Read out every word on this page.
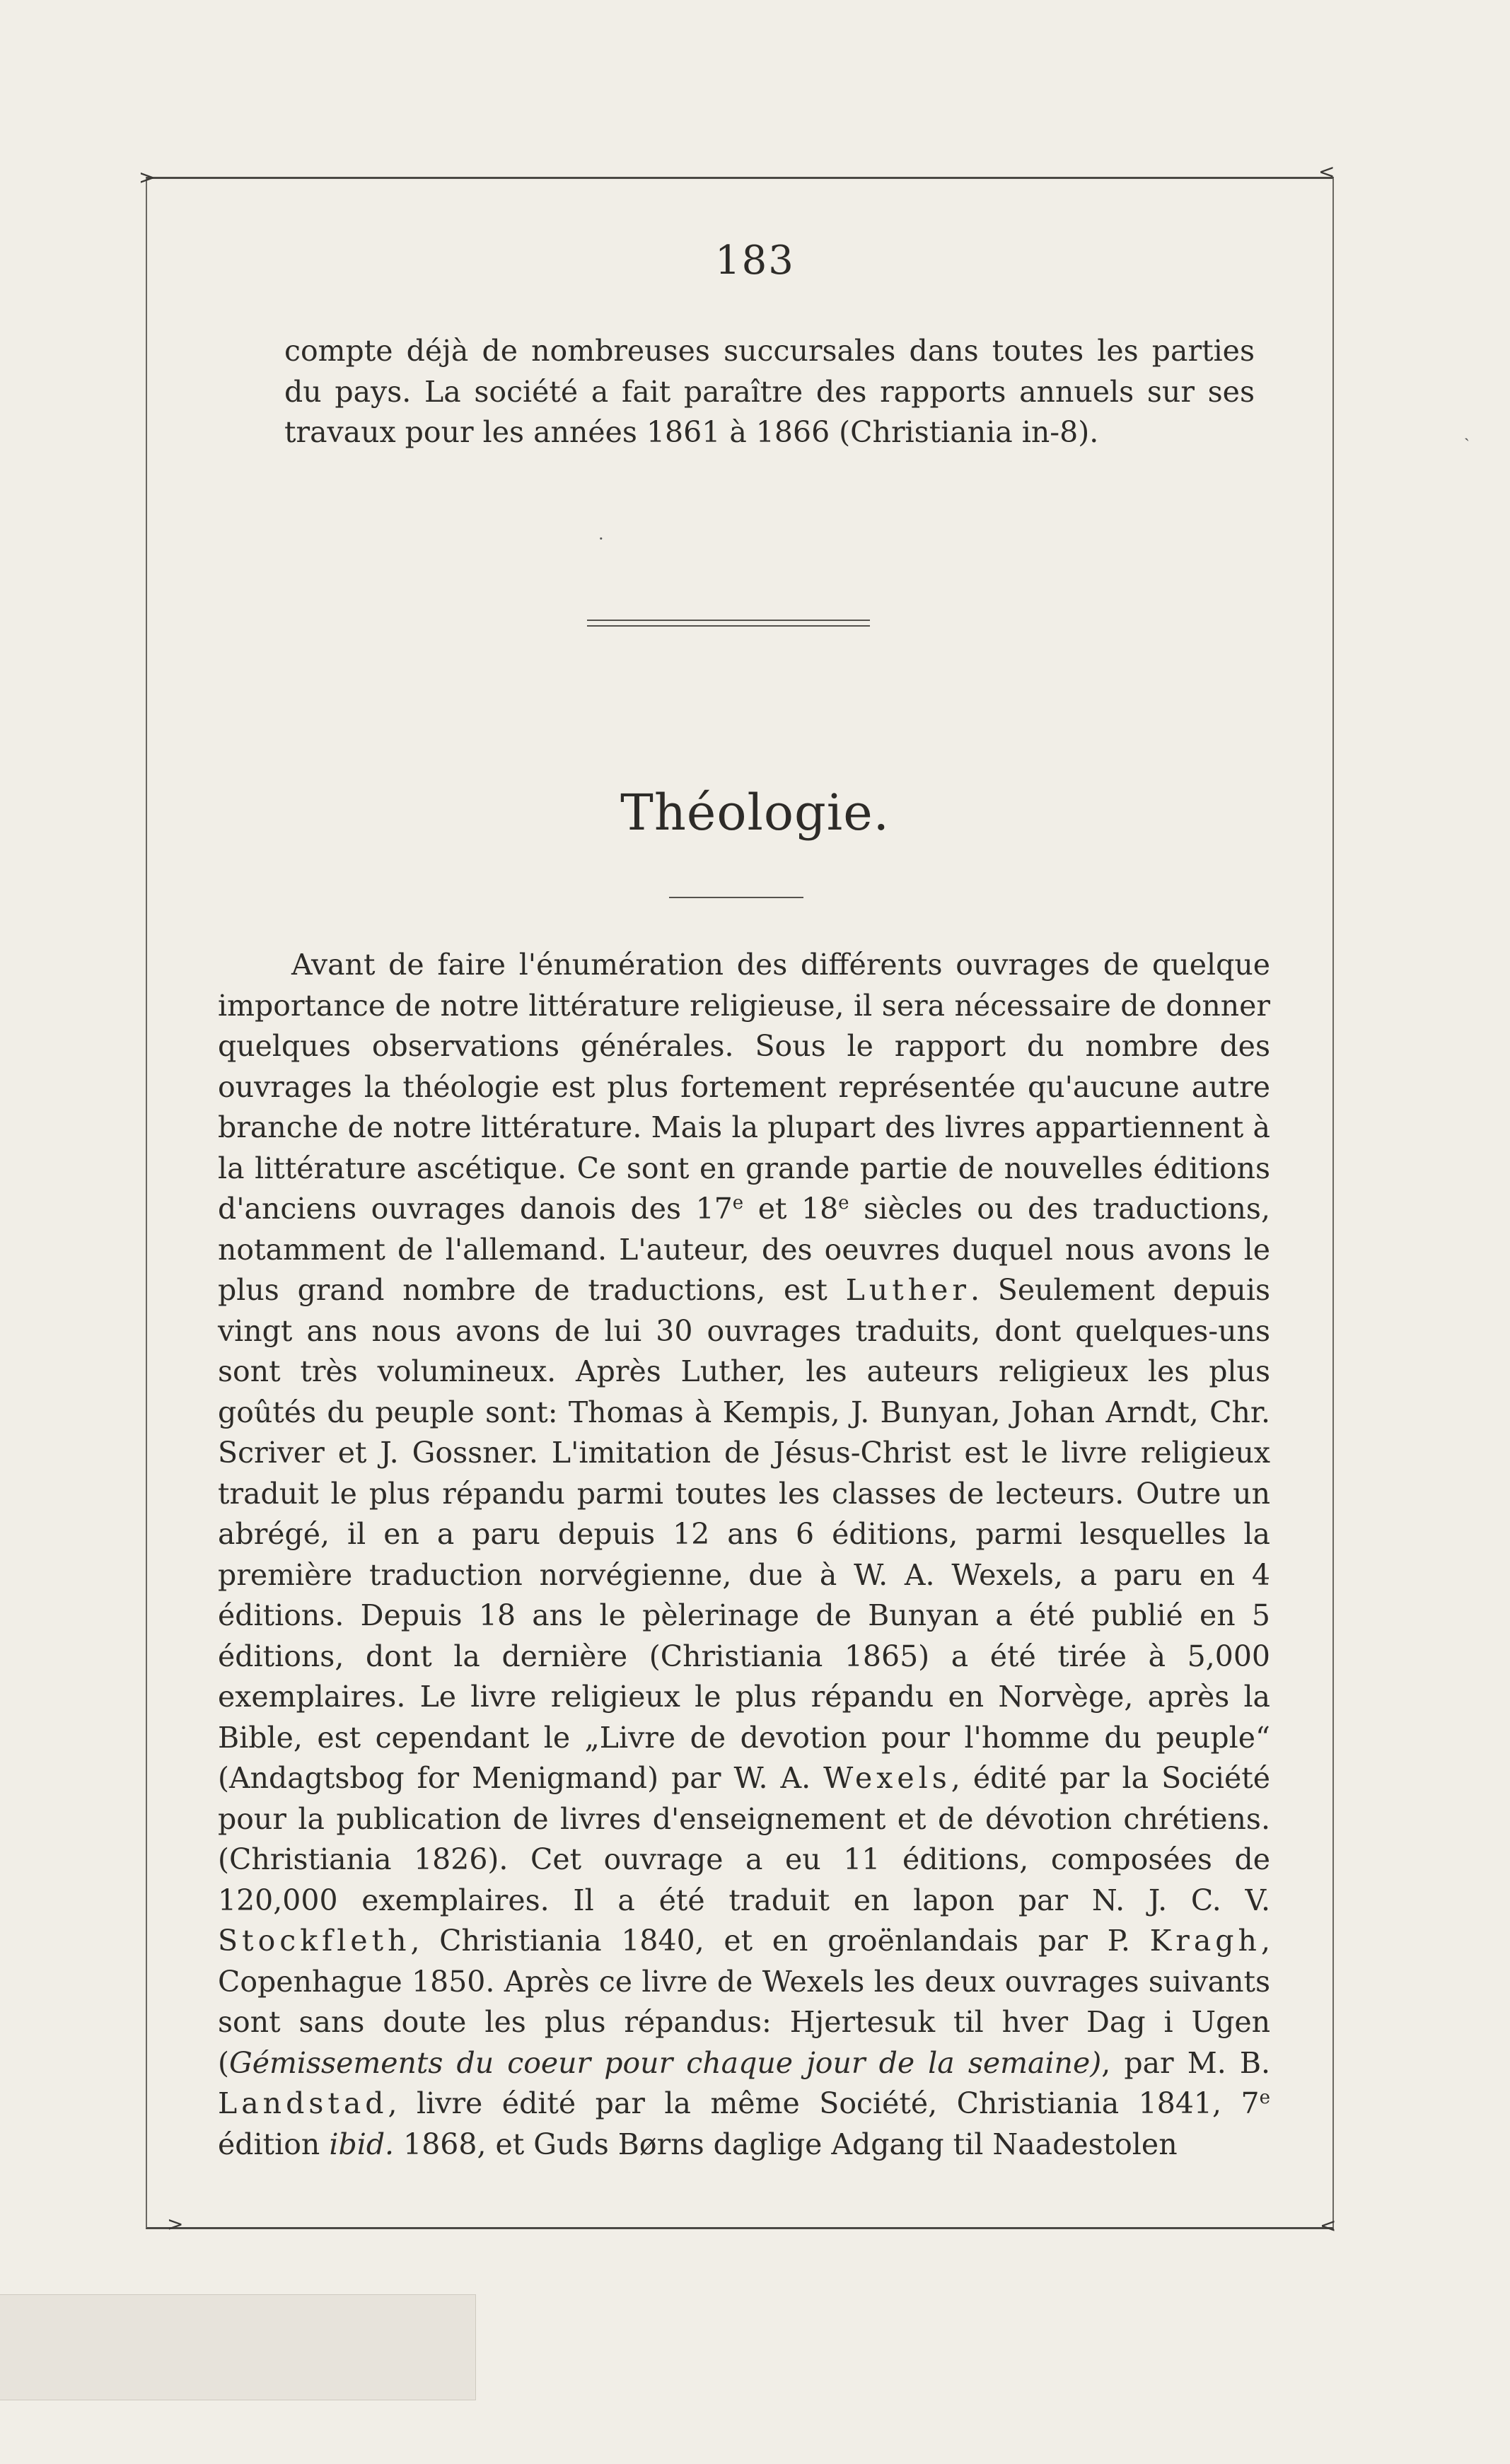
>	<
>	<
˴
·
183

compte déjà de nombreuses succursales dans toutes les parties du pays. La société a fait paraître des rapports annuels sur ses travaux pour les années 1861 à 1866 (Christiania in-8).

Théologie.

Avant de faire l'énumération des différents ouvrages de quelque importance de notre littérature religieuse, il sera nécessaire de donner quelques observations générales. Sous le rapport du nombre des ouvrages la théologie est plus fortement représentée qu'aucune autre branche de notre littérature. Mais la plupart des livres appartiennent à la littérature ascétique. Ce sont en grande partie de nouvelles éditions d'anciens ouvrages danois des 17e et 18e siècles ou des traductions, notamment de l'allemand. L'auteur, des oeuvres duquel nous avons le plus grand nombre de traductions, est Luther. Seulement depuis vingt ans nous avons de lui 30 ouvrages traduits, dont quelques-uns sont très volumineux. Après Luther, les auteurs religieux les plus goûtés du peuple sont: Thomas à Kempis, J. Bunyan, Johan Arndt, Chr. Scriver et J. Gossner. L'imitation de Jésus-Christ est le livre religieux traduit le plus répandu parmi toutes les classes de lecteurs. Outre un abrégé, il en a paru depuis 12 ans 6 éditions, parmi lesquelles la première traduction norvégienne, due à W. A. Wexels, a paru en 4 éditions. Depuis 18 ans le pèlerinage de Bunyan a été publié en 5 éditions, dont la dernière (Christiania 1865) a été tirée à 5,000 exemplaires. Le livre religieux le plus répandu en Norvège, après la Bible, est cependant le „Livre de devotion pour l'homme du peuple“ (Andagtsbog for Menigmand) par W. A. Wexels, édité par la Société pour la publication de livres d'enseignement et de dévotion chrétiens. (Christiania 1826). Cet ouvrage a eu 11 éditions, composées de 120,000 exemplaires. Il a été traduit en lapon par N. J. C. V. Stockfleth, Christiania 1840, et en groënlandais par P. Kragh, Copenhague 1850. Après ce livre de Wexels les deux ouvrages suivants sont sans doute les plus répandus: Hjertesuk til hver Dag i Ugen (Gémissements du coeur pour chaque jour de la semaine), par M. B. Landstad, livre édité par la même Société, Christiania 1841, 7e édition ibid. 1868, et Guds Børns daglige Adgang til Naadestolen
